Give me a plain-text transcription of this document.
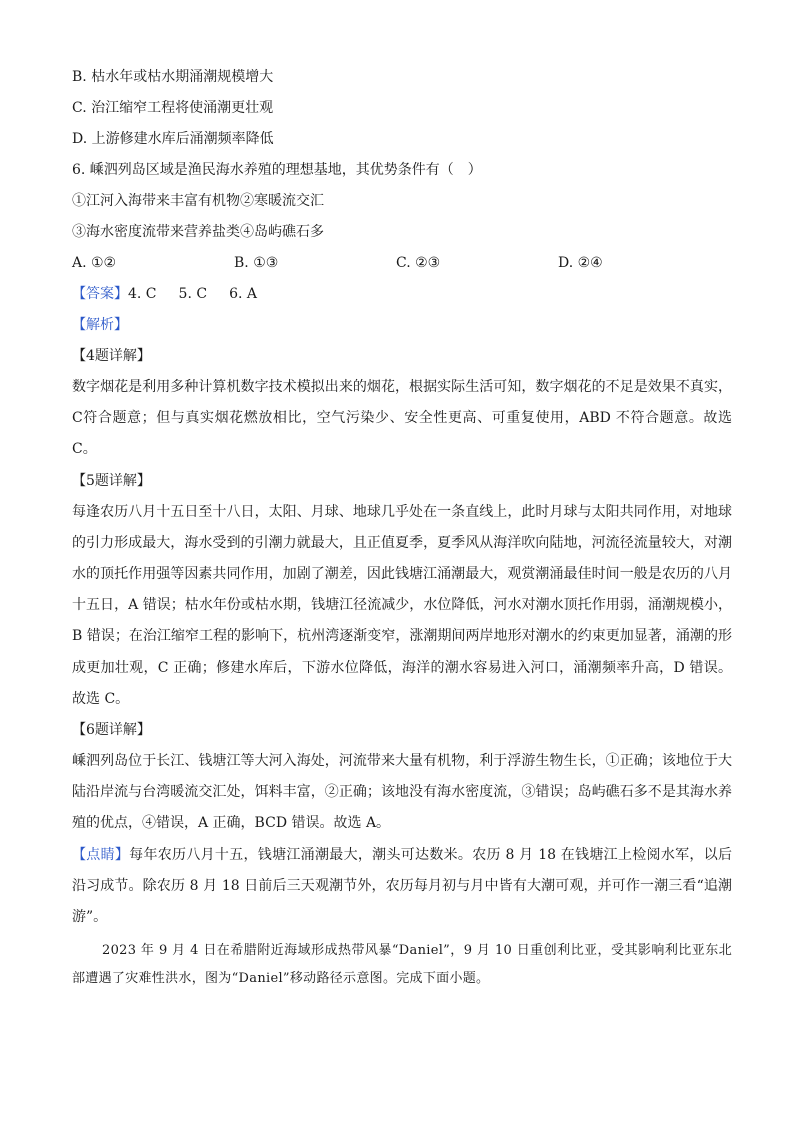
B. 枯水年或枯水期涌潮规模增大
C. 治江缩窄工程将使涌潮更壮观
D. 上游修建水库后涌潮频率降低
6. 嵊泗列岛区域是渔民海水养殖的理想基地，其优势条件有（　）
①江河入海带来丰富有机物②寒暖流交汇
③海水密度流带来营养盐类④岛屿礁石多
A. ①②	B. ①③	C. ②③	D. ②④
【答案】4. C 5. C 6. A
【解析】
【4题详解】
数字烟花是利用多种计算机数字技术模拟出来的烟花，根据实际生活可知，数字烟花的不足是效果不真实，C符合题意；但与真实烟花燃放相比，空气污染少、安全性更高、可重复使用，ABD 不符合题意。故选 C。
【5题详解】
每逢农历八月十五日至十八日，太阳、月球、地球几乎处在一条直线上，此时月球与太阳共同作用，对地球的引力形成最大，海水受到的引潮力就最大，且正值夏季，夏季风从海洋吹向陆地，河流径流量较大，对潮水的顶托作用强等因素共同作用，加剧了潮差，因此钱塘江涌潮最大，观赏潮涌最佳时间一般是农历的八月十五日，A 错误；枯水年份或枯水期，钱塘江径流减少，水位降低，河水对潮水顶托作用弱，涌潮规模小，B 错误；在治江缩窄工程的影响下，杭州湾逐渐变窄，涨潮期间两岸地形对潮水的约束更加显著，涌潮的形成更加壮观，C 正确；修建水库后，下游水位降低，海洋的潮水容易进入河口，涌潮频率升高，D 错误。故选 C。
【6题详解】
嵊泗列岛位于长江、钱塘江等大河入海处，河流带来大量有机物，利于浮游生物生长，①正确；该地位于大陆沿岸流与台湾暖流交汇处，饵料丰富，②正确；该地没有海水密度流，③错误；岛屿礁石多不是其海水养殖的优点，④错误，A 正确，BCD 错误。故选 A。
【点睛】每年农历八月十五，钱塘江涌潮最大，潮头可达数米。农历 8 月 18 在钱塘江上检阅水军，以后沿习成节。除农历 8 月 18 日前后三天观潮节外，农历每月初与月中皆有大潮可观，并可作一潮三看“追潮游”。
2023 年 9 月 4 日在希腊附近海域形成热带风暴“Daniel”，9 月 10 日重创利比亚，受其影响利比亚东北部遭遇了灾难性洪水，图为“Daniel”移动路径示意图。完成下面小题。
